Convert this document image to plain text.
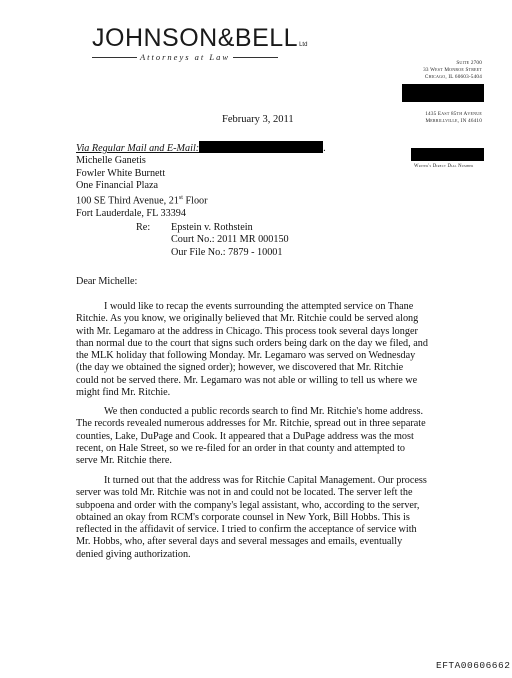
JOHNSON&BELLLtd
Attorneys at Law
Suite 2700
33 West Monroe Street
Chicago, IL 60603-5404
1435 East 85th Avenue
Merrillville, IN 46410
Writer's Direct Dial Number
February 3, 2011
Via Regular Mail and E-Mail:	.
Michelle Ganetis
Fowler White Burnett
One Financial Plaza
100 SE Third Avenue, 21st Floor
Fort Lauderdale, FL 33394
Re: Epstein v. Rothstein
Court No.: 2011 MR 000150
Our File No.: 7879 - 10001
Dear Michelle:

I would like to recap the events surrounding the attempted service on Thane Ritchie. As you know, we originally believed that Mr. Ritchie could be served along with Mr. Legamaro at the address in Chicago. This process took several days longer than normal due to the court that signs such orders being dark on the day we filed, and the MLK holiday that following Monday. Mr. Legamaro was served on Wednesday (the day we obtained the signed order); however, we discovered that Mr. Ritchie could not be served there. Mr. Legamaro was not able or willing to tell us where we might find Mr. Ritchie.

We then conducted a public records search to find Mr. Ritchie's home address. The records revealed numerous addresses for Mr. Ritchie, spread out in three separate counties, Lake, DuPage and Cook. It appeared that a DuPage address was the most recent, on Hale Street, so we re-filed for an order in that county and attempted to serve Mr. Ritchie there.

It turned out that the address was for Ritchie Capital Management. Our process server was told Mr. Ritchie was not in and could not be located. The server left the subpoena and order with the company's legal assistant, who, according to the server, obtained an okay from RCM's corporate counsel in New York, Bill Hobbs. This is reflected in the affidavit of service. I tried to confirm the acceptance of service with Mr. Hobbs, who, after several days and several messages and emails, eventually denied giving authorization.

EFTA00606662
